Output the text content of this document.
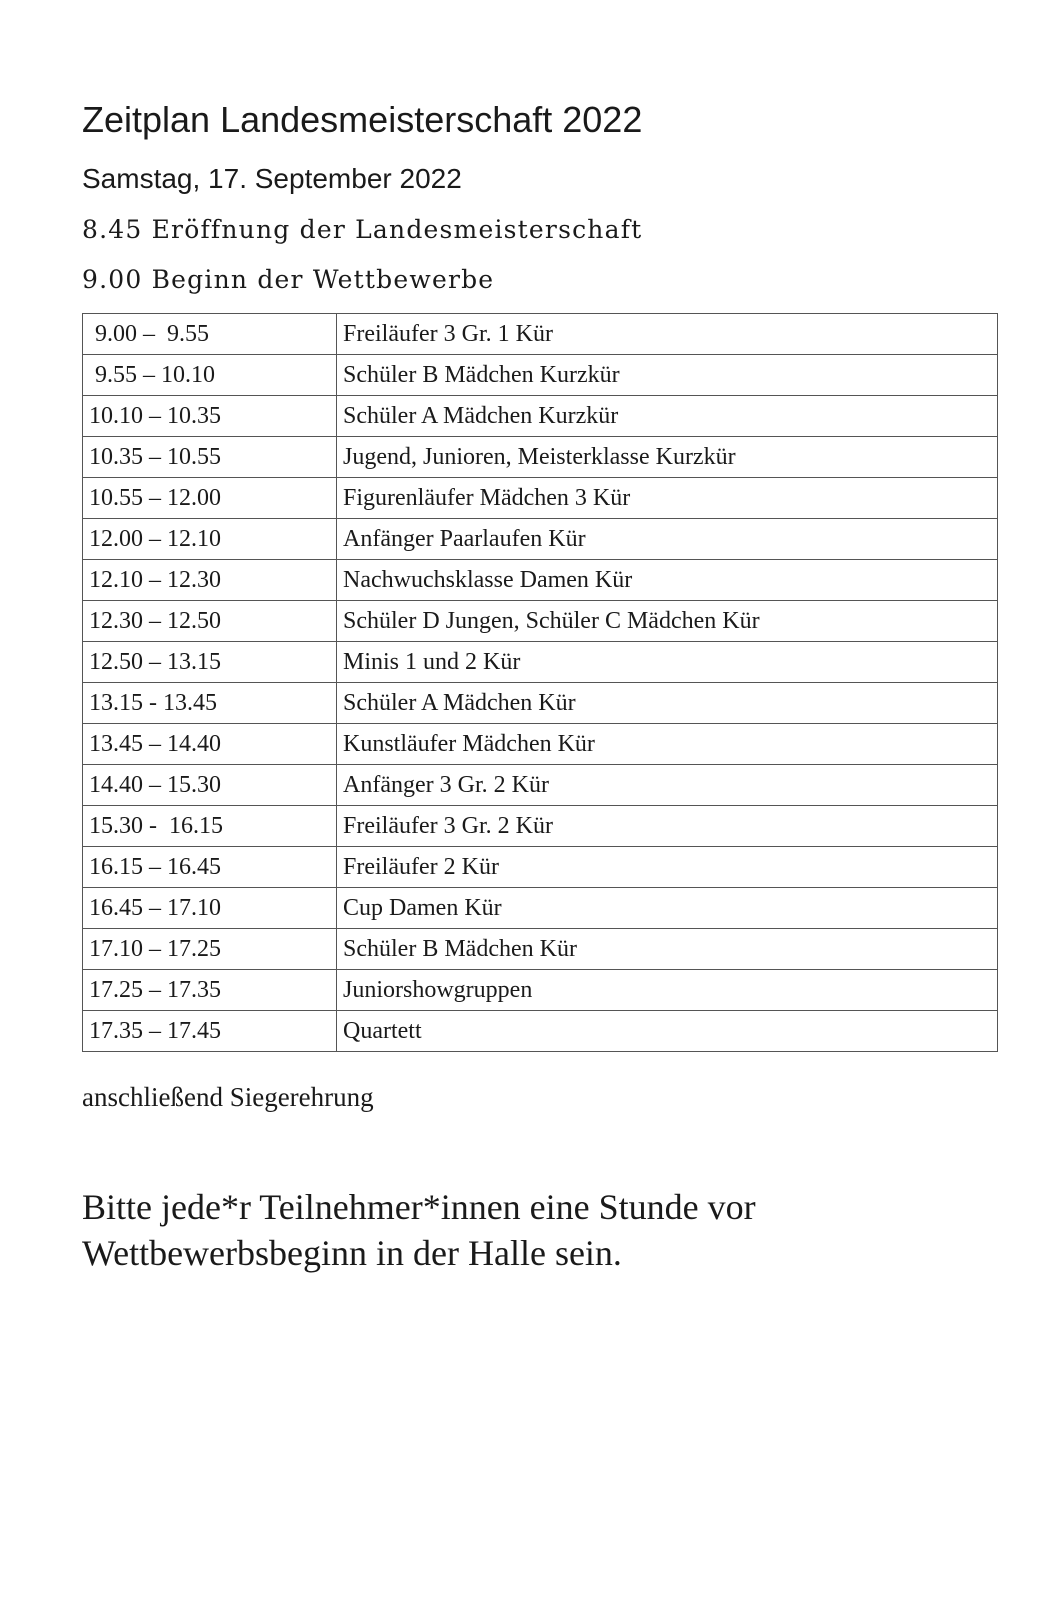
Zeitplan Landesmeisterschaft 2022
Samstag, 17. September 2022
8.45 Eröffnung der Landesmeisterschaft
9.00 Beginn der Wettbewerbe
9.00 –  9.55	Freiläufer 3 Gr. 1 Kür
9.55 – 10.10	Schüler B Mädchen Kurzkür
10.10 – 10.35	Schüler A Mädchen Kurzkür
10.35 – 10.55	Jugend, Junioren, Meisterklasse Kurzkür
10.55 – 12.00	Figurenläufer Mädchen 3 Kür
12.00 – 12.10	Anfänger Paarlaufen Kür
12.10 – 12.30	Nachwuchsklasse Damen Kür
12.30 – 12.50	Schüler D Jungen, Schüler C Mädchen Kür
12.50 – 13.15	Minis 1 und 2 Kür
13.15 - 13.45	Schüler A Mädchen Kür
13.45 – 14.40	Kunstläufer Mädchen Kür
14.40 – 15.30	Anfänger 3 Gr. 2 Kür
15.30 -  16.15	Freiläufer 3 Gr. 2 Kür
16.15 – 16.45	Freiläufer 2 Kür
16.45 – 17.10	Cup Damen Kür
17.10 – 17.25	Schüler B Mädchen Kür
17.25 – 17.35	Juniorshowgruppen
17.35 – 17.45	Quartett
anschließend Siegerehrung
Bitte jede*r Teilnehmer*innen eine Stunde vor Wettbewerbsbeginn in der Halle sein.
